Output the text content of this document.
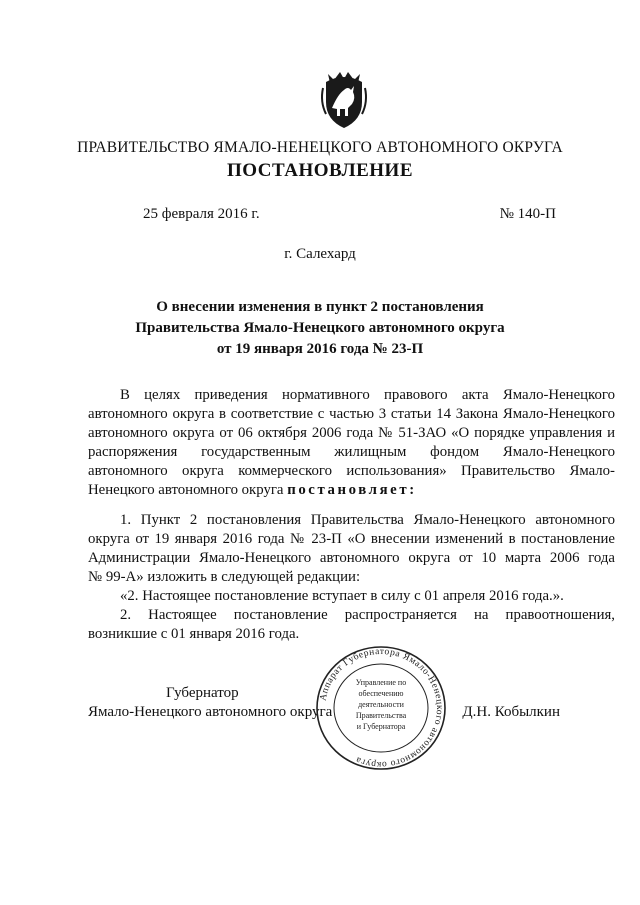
ПРАВИТЕЛЬСТВО ЯМАЛО-НЕНЕЦКОГО АВТОНОМНОГО ОКРУГА
ПОСТАНОВЛЕНИЕ
25 февраля 2016 г.	№ 140-П
г. Салехард
О внесении изменения в пункт 2 постановления
Правительства Ямало-Ненецкого автономного округа
от 19 января 2016 года № 23-П
В целях приведения нормативного правового акта Ямало-Ненецкого
автономного округа в соответствие с частью 3 статьи 14 Закона Ямало-Ненецкого
автономного округа от 06 октября 2006 года № 51-ЗАО «О порядке управления и
распоряжения государственным жилищным фондом Ямало-Ненецкого
автономного округа коммерческого использования» Правительство Ямало-
Ненецкого автономного округа постановляет:
1. Пункт 2 постановления Правительства Ямало-Ненецкого автономного
округа от 19 января 2016 года № 23-П «О внесении изменений в постановление
Администрации Ямало-Ненецкого автономного округа от 10 марта 2006 года
№ 99-А» изложить в следующей редакции:
«2. Настоящее постановление вступает в силу с 01 апреля 2016 года.».
2. Настоящее постановление распространяется на правоотношения,
возникшие с 01 января 2016 года.
Губернатор
Ямало-Ненецкого автономного округа	Д.Н. Кобылкин
Аппарат Губернатора Ямало-Ненецкого автономного округа
Управление по
обеспечению
деятельности
Правительства
и Губернатора
